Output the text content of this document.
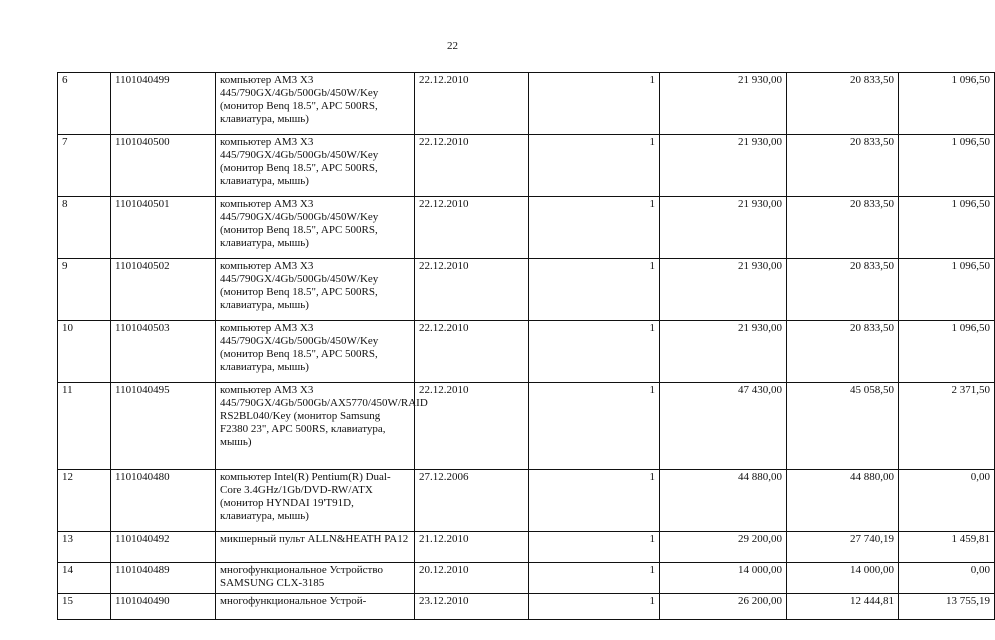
22
6	1101040499	компьютер AM3 X3 445/790GX/4Gb/500Gb/450W/Key (монитор Benq 18.5", APC 500RS, клавиатура, мышь)	22.12.2010	1	21 930,00	20 833,50	1 096,50
7	1101040500	компьютер AM3 X3 445/790GX/4Gb/500Gb/450W/Key (монитор Benq 18.5", APC 500RS, клавиатура, мышь)	22.12.2010	1	21 930,00	20 833,50	1 096,50
8	1101040501	компьютер AM3 X3 445/790GX/4Gb/500Gb/450W/Key (монитор Benq 18.5", APC 500RS, клавиатура, мышь)	22.12.2010	1	21 930,00	20 833,50	1 096,50
9	1101040502	компьютер AM3 X3 445/790GX/4Gb/500Gb/450W/Key (монитор Benq 18.5", APC 500RS, клавиатура, мышь)	22.12.2010	1	21 930,00	20 833,50	1 096,50
10	1101040503	компьютер AM3 X3 445/790GX/4Gb/500Gb/450W/Key (монитор Benq 18.5", APC 500RS, клавиатура, мышь)	22.12.2010	1	21 930,00	20 833,50	1 096,50
11	1101040495	компьютер AM3 X3 445/790GX/4Gb/500Gb/AX5770/450W/RAID RS2BL040/Key (монитор Samsung F2380 23", APC 500RS, клавиатура, мышь)	22.12.2010	1	47 430,00	45 058,50	2 371,50
12	1101040480	компьютер Intel(R) Pentium(R) Dual-Core 3.4GHz/1Gb/DVD-RW/ATX (монитор HYNDAI 19'T91D, клавиатура, мышь)	27.12.2006	1	44 880,00	44 880,00	0,00
13	1101040492	микшерный пульт ALLN&HEATH PA12	21.12.2010	1	29 200,00	27 740,19	1 459,81
14	1101040489	многофункциональное Устройство SAMSUNG CLX-3185	20.12.2010	1	14 000,00	14 000,00	0,00
15	1101040490	многофункциональное Устрой-	23.12.2010	1	26 200,00	12 444,81	13 755,19
